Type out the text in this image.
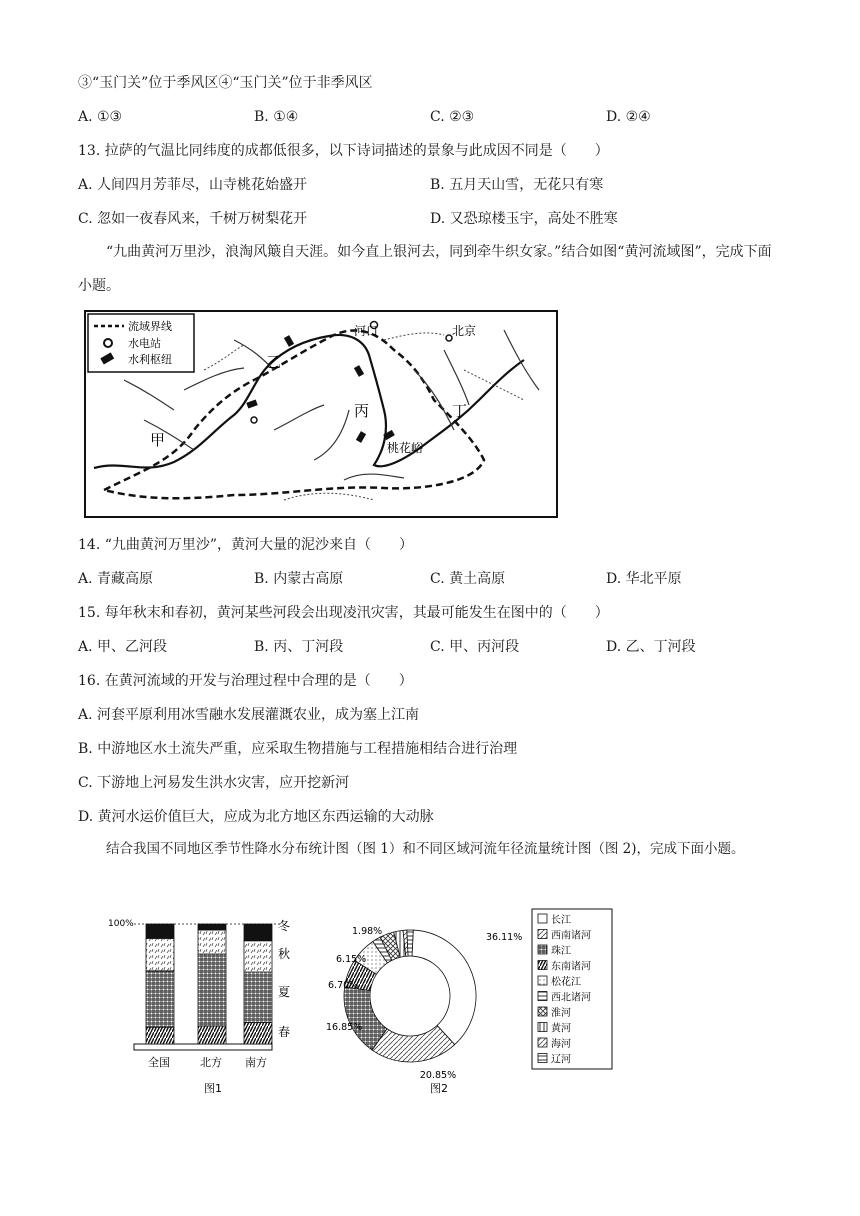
③“玉门关”位于季风区④“玉门关”位于非季风区
A. ①③	B. ①④	C. ②③	D. ②④
13. 拉萨的气温比同纬度的成都低很多，以下诗词描述的景象与此成因不同是（　　）
A. 人间四月芳菲尽，山寺桃花始盛开	B. 五月天山雪，无花只有寒
C. 忽如一夜春风来，千树万树梨花开	D. 又恐琼楼玉宇，高处不胜寒
“九曲黄河万里沙，浪淘风簸自天涯。如今直上银河去，同到牵牛织女家。”结合如图“黄河流域图”，完成下面小题。
流域界线
水电站
水利枢纽
甲
乙
丙	丁
北京
河口
桃花峪
14. “九曲黄河万里沙”，黄河大量的泥沙来自（　　）
A. 青藏高原	B. 内蒙古高原	C. 黄土高原	D. 华北平原
15. 每年秋末和春初，黄河某些河段会出现凌汛灾害，其最可能发生在图中的（　　）
A. 甲、乙河段	B. 丙、丁河段	C. 甲、丙河段	D. 乙、丁河段
16. 在黄河流域的开发与治理过程中合理的是（　　）
A. 河套平原利用冰雪融水发展灌溉农业，成为塞上江南
B. 中游地区水土流失严重，应采取生物措施与工程措施相结合进行治理
C. 下游地上河易发生洪水灾害，应开挖新河
D. 黄河水运价值巨大，应成为北方地区东西运输的大动脉
结合我国不同地区季节性降水分布统计图（图 1）和不同区域河流年径流量统计图（图 2)，完成下面小题。
100%	冬
秋
夏
春
全国	北方 南方
图1
36.11%
20.85%
16.85%
6.70%
6.15%
1.98%
长江
西南诸河
珠江
东南诸河
松花江
西北诸河
淮河
黄河
海河
辽河
图2
